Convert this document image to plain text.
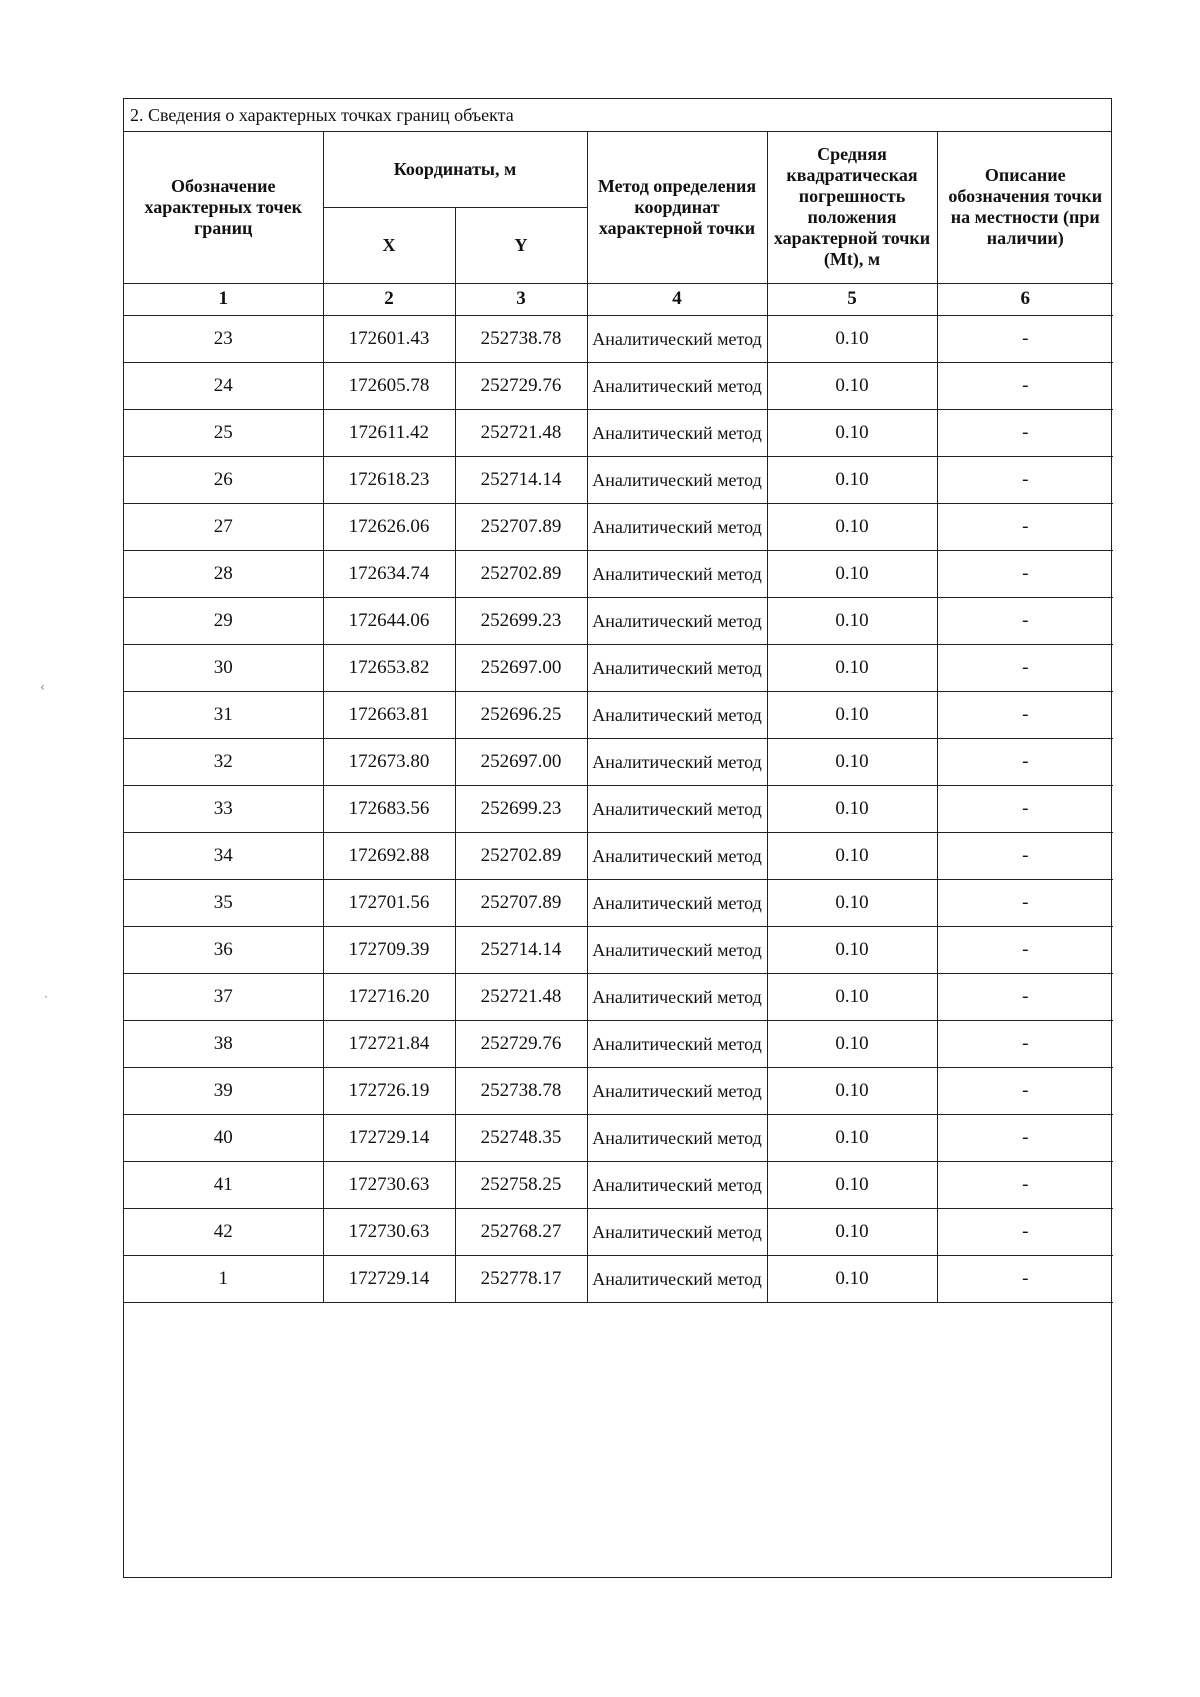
‹
·
2. Сведения о характерных точках границ объекта
Обозначение характерных точек границ	Координаты, м		Метод определения координат характерной точки	Средняя квадратическая погрешность положения характерной точки (Mt), м	Описание обозначения точки на местности (при наличии)
	X	Y			
1	2	3	4	5	6
23	172601.43	252738.78	Аналитический метод	0.10	-
24	172605.78	252729.76	Аналитический метод	0.10	-
25	172611.42	252721.48	Аналитический метод	0.10	-
26	172618.23	252714.14	Аналитический метод	0.10	-
27	172626.06	252707.89	Аналитический метод	0.10	-
28	172634.74	252702.89	Аналитический метод	0.10	-
29	172644.06	252699.23	Аналитический метод	0.10	-
30	172653.82	252697.00	Аналитический метод	0.10	-
31	172663.81	252696.25	Аналитический метод	0.10	-
32	172673.80	252697.00	Аналитический метод	0.10	-
33	172683.56	252699.23	Аналитический метод	0.10	-
34	172692.88	252702.89	Аналитический метод	0.10	-
35	172701.56	252707.89	Аналитический метод	0.10	-
36	172709.39	252714.14	Аналитический метод	0.10	-
37	172716.20	252721.48	Аналитический метод	0.10	-
38	172721.84	252729.76	Аналитический метод	0.10	-
39	172726.19	252738.78	Аналитический метод	0.10	-
40	172729.14	252748.35	Аналитический метод	0.10	-
41	172730.63	252758.25	Аналитический метод	0.10	-
42	172730.63	252768.27	Аналитический метод	0.10	-
1	172729.14	252778.17	Аналитический метод	0.10	-
